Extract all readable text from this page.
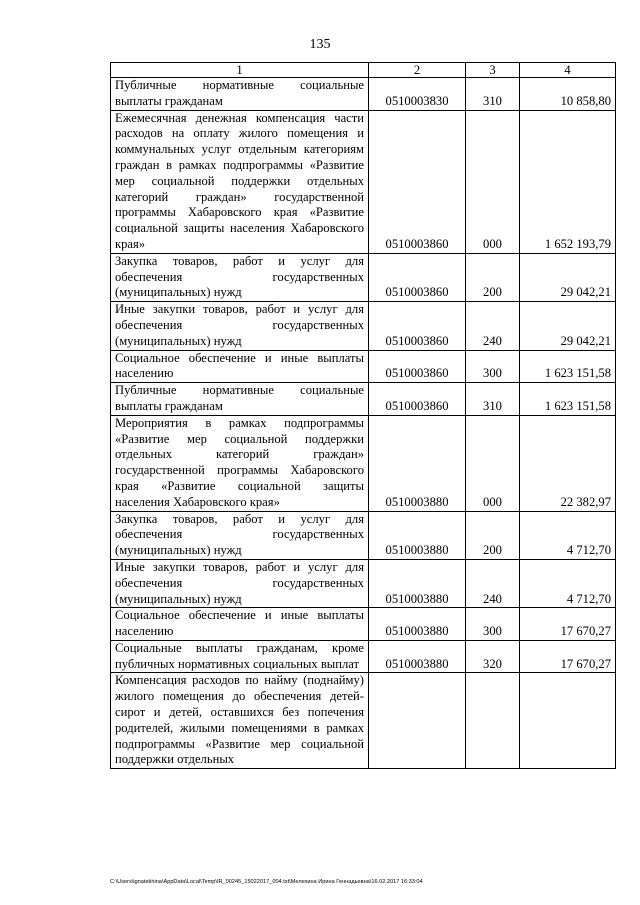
135
1	2	3	4
Публичные нормативные социальные выплаты гражданам	0510003830	310	10 858,80
Ежемесячная денежная компенсация части расходов на оплату жилого помещения и коммунальных услуг отдельным категориям граждан в рамках подпрограммы «Развитие мер социальной поддержки отдельных категорий граждан» государственной программы Хабаровского края «Развитие социальной защиты населения Хабаровского края»	0510003860	000	1 652 193,79
Закупка товаров, работ и услуг для обеспечения государственных (муниципальных) нужд	0510003860	200	29 042,21
Иные закупки товаров, работ и услуг для обеспечения государственных (муниципальных) нужд	0510003860	240	29 042,21
Социальное обеспечение и иные выплаты населению	0510003860	300	1 623 151,58
Публичные нормативные социальные выплаты гражданам	0510003860	310	1 623 151,58
Мероприятия в рамках подпрограммы «Развитие мер социальной поддержки отдельных категорий граждан» государственной программы Хабаровского края «Развитие социальной защиты населения Хабаровского края»	0510003880	000	22 382,97
Закупка товаров, работ и услуг для обеспечения государственных (муниципальных) нужд	0510003880	200	4 712,70
Иные закупки товаров, работ и услуг для обеспечения государственных (муниципальных) нужд	0510003880	240	4 712,70
Социальное обеспечение и иные выплаты населению	0510003880	300	17 670,27
Социальные выплаты гражданам, кроме публичных нормативных социальных выплат	0510003880	320	17 670,27
Компенсация расходов по найму (поднайму) жилого помещения до обеспечения детей-сирот и детей, оставшихся без попечения родителей, жилыми помещениями в рамках подпрограммы «Развитие мер социальной поддержки отдельных			
C:\Users\ignatekhina\AppData\Local\Temp\IR_00245_15022017_004.txt\Мелехина Ирина Геннадьевна\16.02.2017 16:33:04
